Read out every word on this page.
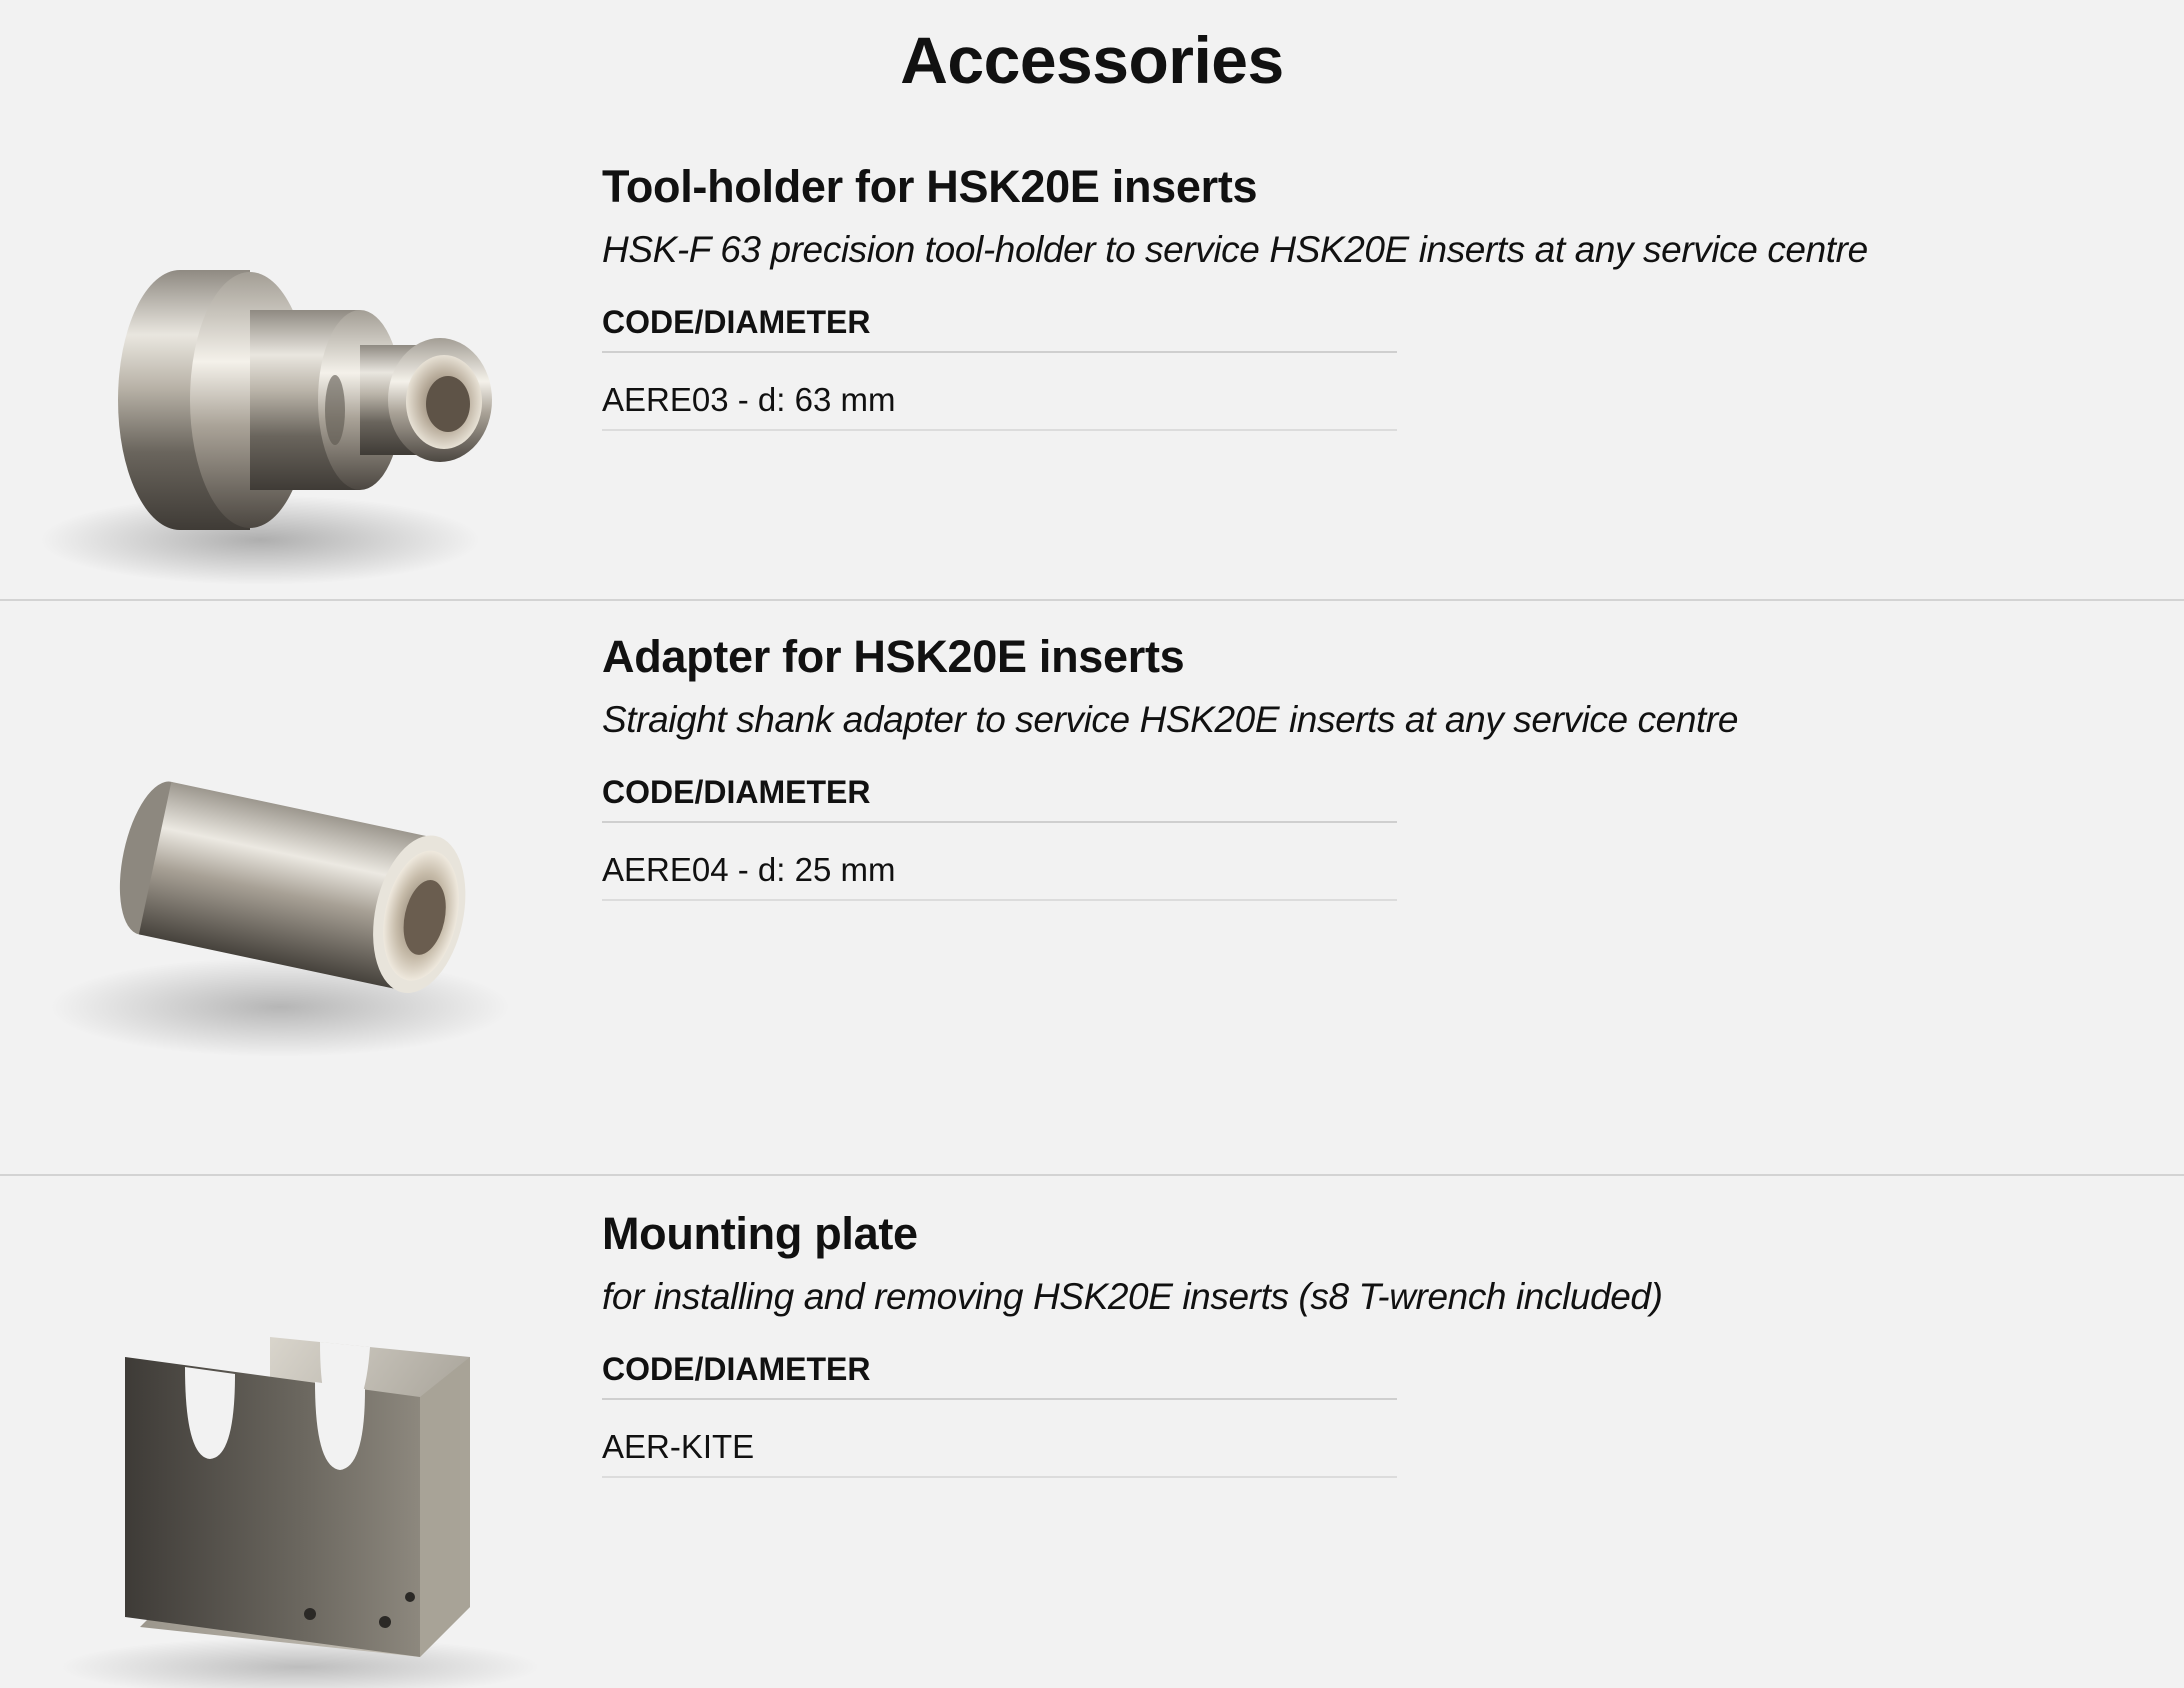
Accessories
Tool-holder for HSK20E inserts

HSK-F 63 precision tool-holder to service HSK20E inserts at any service centre

CODE/DIAMETER
AERE03 - d: 63 mm
Adapter for HSK20E inserts

Straight shank adapter to service HSK20E inserts at any service centre

CODE/DIAMETER
AERE04 - d: 25 mm
Mounting plate

for installing and removing HSK20E inserts (s8 T-wrench included)

CODE/DIAMETER
AER-KITE
